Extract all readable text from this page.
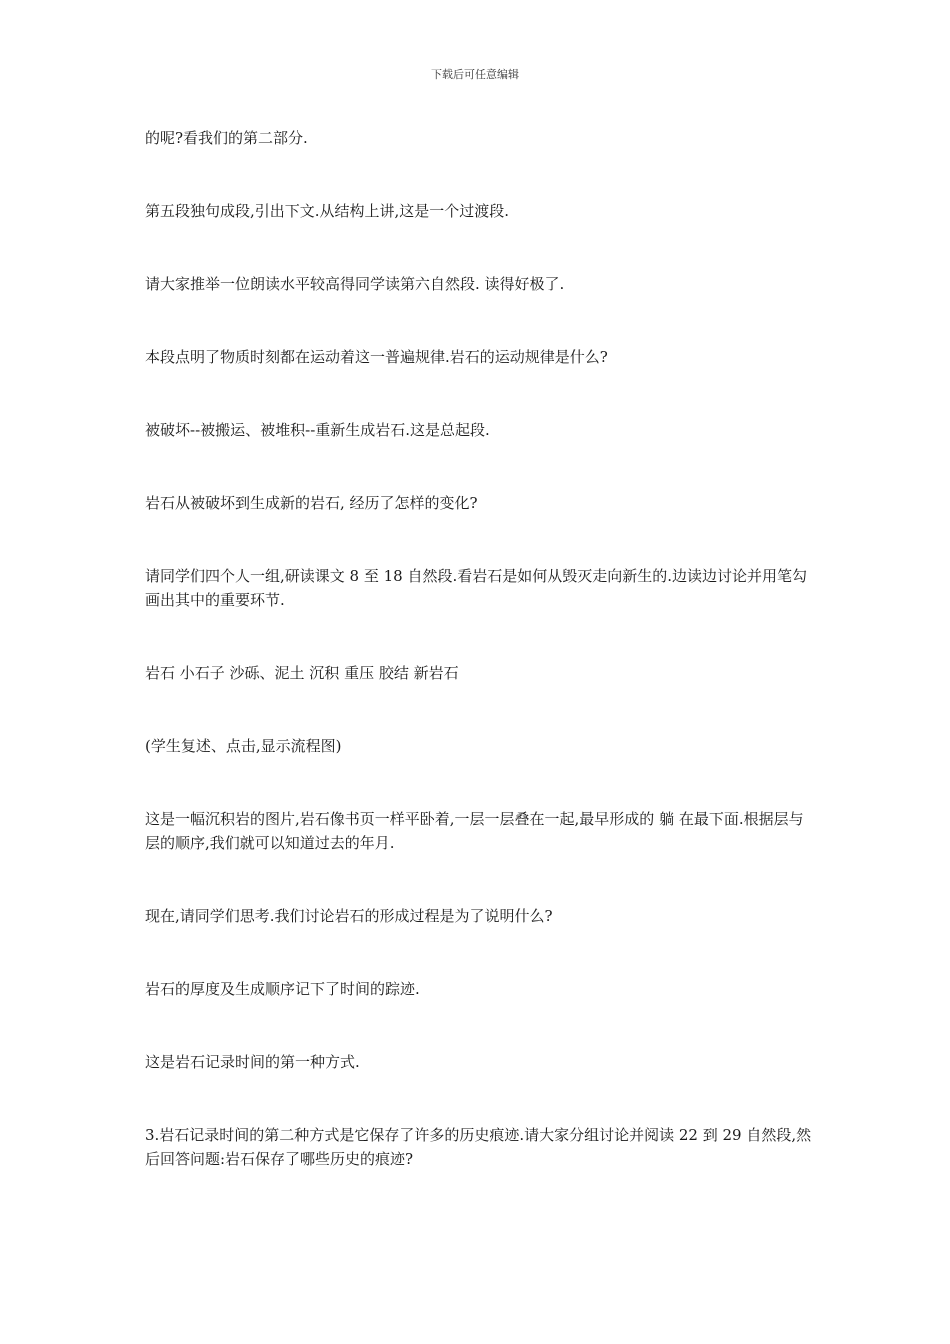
下载后可任意编辑

的呢?看我们的第二部分.

第五段独句成段,引出下文.从结构上讲,这是一个过渡段.

请大家推举一位朗读水平较高得同学读第六自然段. 读得好极了.

本段点明了物质时刻都在运动着这一普遍规律.岩石的运动规律是什么?

被破坏--被搬运、被堆积--重新生成岩石.这是总起段.

岩石从被破坏到生成新的岩石, 经历了怎样的变化?

请同学们四个人一组,研读课文 8 至 18 自然段.看岩石是如何从毁灭走向新生的.边读边讨论并用笔勾画出其中的重要环节.

岩石 小石子 沙砾、泥土 沉积 重压 胶结 新岩石

(学生复述、点击,显示流程图)

这是一幅沉积岩的图片,岩石像书页一样平卧着,一层一层叠在一起,最早形成的 躺 在最下面.根据层与层的顺序,我们就可以知道过去的年月.

现在,请同学们思考.我们讨论岩石的形成过程是为了说明什么?

岩石的厚度及生成顺序记下了时间的踪迹.

这是岩石记录时间的第一种方式.

3.岩石记录时间的第二种方式是它保存了许多的历史痕迹.请大家分组讨论并阅读 22 到 29 自然段,然后回答问题:岩石保存了哪些历史的痕迹?
